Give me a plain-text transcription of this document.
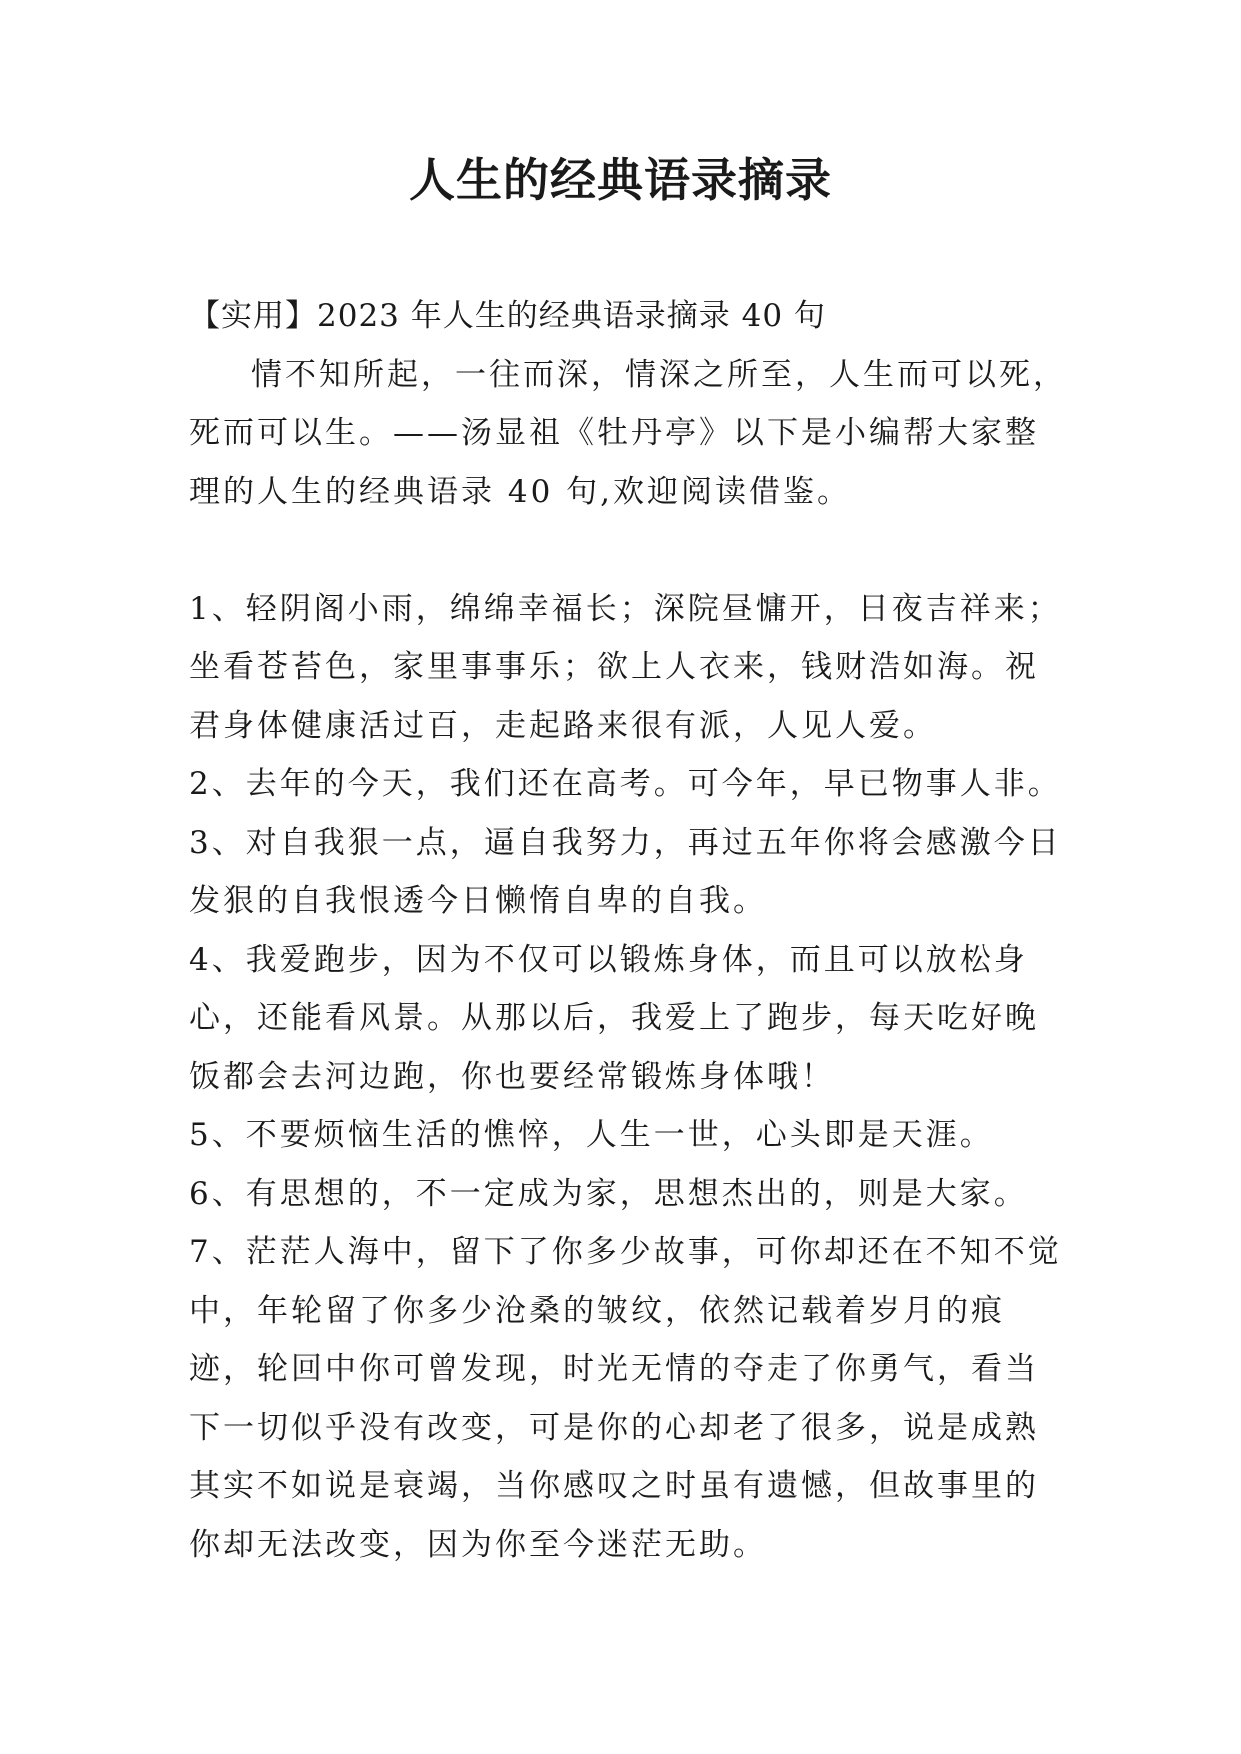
人生的经典语录摘录

【实用】2023 年人生的经典语录摘录 40 句

情不知所起，一往而深，情深之所至，人生而可以死，死而可以生。——汤显祖《牡丹亭》以下是小编帮大家整理的人生的经典语录 40 句,欢迎阅读借鉴。

1、轻阴阁小雨，绵绵幸福长；深院昼慵开，日夜吉祥来；坐看苍苔色，家里事事乐；欲上人衣来，钱财浩如海。祝君身体健康活过百，走起路来很有派，人见人爱。

2、去年的今天，我们还在高考。可今年，早已物事人非。

3、对自我狠一点，逼自我努力，再过五年你将会感激今日发狠的自我恨透今日懒惰自卑的自我。

4、我爱跑步，因为不仅可以锻炼身体，而且可以放松身心，还能看风景。从那以后，我爱上了跑步，每天吃好晚饭都会去河边跑，你也要经常锻炼身体哦！

5、不要烦恼生活的憔悴，人生一世，心头即是天涯。

6、有思想的，不一定成为家，思想杰出的，则是大家。

7、茫茫人海中，留下了你多少故事，可你却还在不知不觉中，年轮留了你多少沧桑的皱纹，依然记载着岁月的痕迹，轮回中你可曾发现，时光无情的夺走了你勇气，看当下一切似乎没有改变，可是你的心却老了很多，说是成熟其实不如说是衰竭，当你感叹之时虽有遗憾，但故事里的你却无法改变，因为你至今迷茫无助。
